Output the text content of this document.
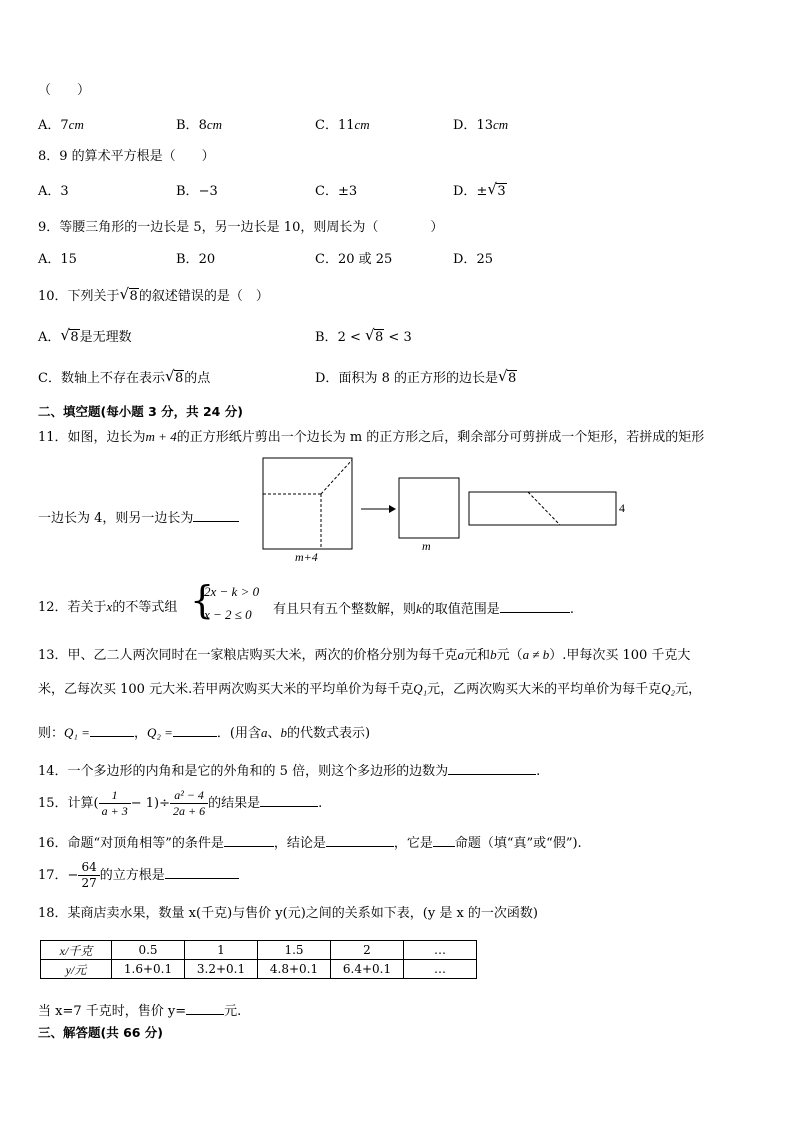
（　　）
A．7cm	B．8cm	C．11cm	D．13cm
8．9 的算术平方根是（　　）
A．3	B．−3	C．±3	D．± √ 3
9．等腰三角形的一边长是 5，另一边长是 10，则周长为（　　　　）
A．15	B．20	C．20 或 25	D．25
10．下列关于 √ 8的叙述错误的是（　）
A． √ 8是无理数	B．2 < √ 8 < 3
C．数轴上不存在表示 √ 8的点	D．面积为 8 的正方形的边长是 √ 8
二、填空题(每小题 3 分，共 24 分)
11．如图，边长为m + 4的正方形纸片剪出一个边长为 m 的正方形之后，剩余部分可剪拼成一个矩形，若拼成的矩形
一边长为 4，则另一边长为
m+4
m
4
12．若关于x的不等式组 {
2x − k > 0
x − 2 ≤ 0 有且只有五个整数解，则k的取值范围是	.
13．甲、乙二人两次同时在一家粮店购买大米，两次的价格分别为每千克a元和b元（a ≠ b）.甲每次买 100 千克大
米，乙每次买 100 元大米.若甲两次购买大米的平均单价为每千克Q₁元，乙两次购买大米的平均单价为每千克Q₂元，
则：Q₁ =	，Q₂ =	．(用含a、b的代数式表示)
14．一个多边形的内角和是它的外角和的 5 倍，则这个多边形的边数为	.
15．计算( $\frac{1}{a + 3} - 1)\div \frac{\text{a² − 4}}{2a + 6}$ 的结果是	.
16．命题“对顶角相等”的条件是	，结论是	，它是 命题（填“真”或“假”).
17．− $\frac{64}{27}$ 的立方根是
18．某商店卖水果，数量 x(千克)与售价 y(元)之间的关系如下表，(y 是 x 的一次函数)
x/千克	0.5	1	1.5	2	…
y/元	1.6+0.1	3.2+0.1	4.8+0.1	6.4+0.1	…
当 x=7 千克时，售价 y=	元.
三、解答题(共 66 分)
